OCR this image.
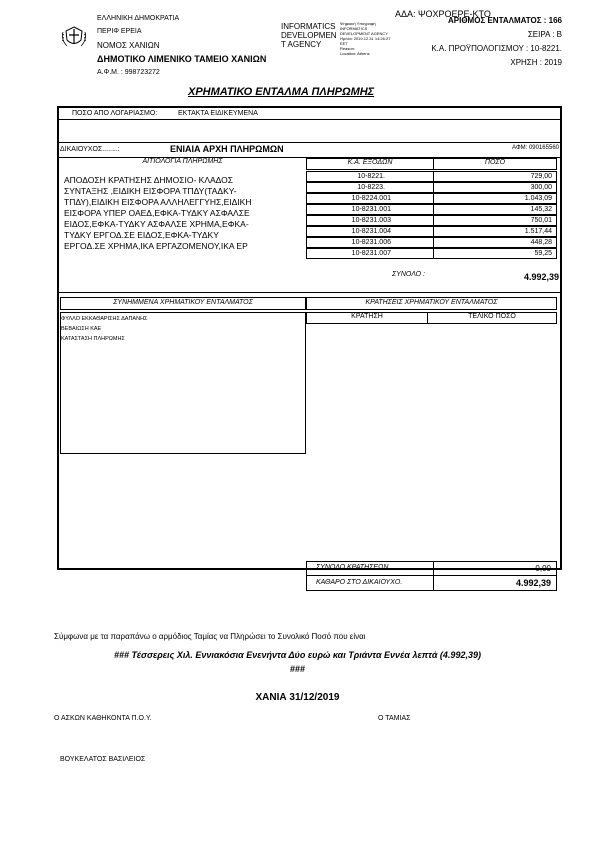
ΕΛΛΗΝΙΚΗ ΔΗΜΟΚΡΑΤΙΑ
ΠΕΡΙΦ ΕΡΕΙΑ
ΝΟΜΟΣ ΧΑΝΙΩΝ
ΔΗΜΟΤΙΚΟ ΛΙΜΕΝΙΚΟ ΤΑΜΕΙΟ ΧΑΝΙΩΝ
Α.Φ.Μ. : 998723272
INFORMATICS
DEVELOPMEN
T AGENCY
Ψηφιακή Υπογραφή
INFORMATICS
DEVELOPMENT AGENCY
Ημ/νία: 2019.12.31 14:26:27
EET
Reason:
Location: Athens
ΑΔΑ: ΨΟΧΡΟΕΡΕ-ΚΤΟ
ΑΡΙΘΜΟΣ ΕΝΤΑΛΜΑΤΟΣ : 166
ΣΕΙΡΑ : Β
Κ.Α. ΠΡΟΫΠΟΛΟΓΙΣΜΟΥ : 10-8221.
ΧΡΗΣΗ : 2019
ΧΡΗΜΑΤΙΚΟ ΕΝΤΑΛΜΑ ΠΛΗΡΩΜΗΣ
ΠΟΣΟ ΑΠΟ ΛΟΓΑΡΙΑΣΜΟ:	ΕΚΤΑΚΤΑ ΕΙΔΙΚΕΥΜΕΝΑ
ΔΙΚΑΙΟΥΧΟΣ........:	ΕΝΙΑΙΑ ΑΡΧΗ ΠΛΗΡΩΜΩΝ	ΑΦΜ: 090165560
ΑΙΤΙΟΛΟΓΙΑ ΠΛΗΡΩΜΗΣ	Κ.Α. ΕΞΟΔΩΝ	ΠΟΣΟ
ΑΠΟΔΟΣΗ ΚΡΑΤΗΣΗΣ ΔΗΜΟΣΙΟ- ΚΛΑΔΟΣ
ΣΥΝΤΑΞΗΣ ,ΕΙΔΙΚΗ ΕΙΣΦΟΡΑ ΤΠΔΥ(ΤΑΔΚΥ-
ΤΠΔΥ),ΕΙΔΙΚΗ ΕΙΣΦΟΡΑ ΑΛΛΗΛΕΓΓΥΗΣ,ΕΙΔΙΚΗ
ΕΙΣΦΟΡΑ ΥΠΕΡ ΟΑΕΔ,ΕΦΚΑ-ΤΥΔΚΥ ΑΣΦΑΛΣΕ
ΕΙΔΟΣ,ΕΦΚΑ-ΤΥΔΚΥ ΑΣΦΑΛΣΕ ΧΡΗΜΑ,ΕΦΚΑ-
ΤΥΔΚΥ ΕΡΓΟΔ.ΣΕ ΕΙΔΟΣ,ΕΦΚΑ-ΤΥΔΚΥ
ΕΡΓΟΔ.ΣΕ ΧΡΗΜΑ,ΙΚΑ ΕΡΓΑΖΟΜΕΝΟΥ,ΙΚΑ ΕΡ
10-8221.	729,00
10-8223.	300,00
10-8224.001	1.043,09
10-8231.001	145,32
10-8231.003	750,01
10-8231.004	1.517,44
10-8231.006	448,28
10-8231.007	59,25
ΣΥΝΟΛΟ :	4.992,39
ΣΥΝΗΜΜΕΝΑ ΧΡΗΜΑΤΙΚΟΥ ΕΝΤΑΛΜΑΤΟΣ	ΚΡΑΤΗΣΕΙΣ ΧΡΗΜΑΤΙΚΟΥ ΕΝΤΑΛΜΑΤΟΣ
ΦΥΛΛΟ ΕΚΚΑΘΑΡΙΣΗΣ ΔΑΠΑΝΗΣ
ΒΕΒΑΙΩΣΗ ΚΑΕ
ΚΑΤΑΣΤΑΣΗ ΠΛΗΡΩΜΗΣ
ΚΡΑΤΗΣΗ	ΤΕΛΙΚΟ ΠΟΣΟ
ΣΥΝΟΛΟ ΚΡΑΤΗΣΕΩΝ	0,00
ΚΑΘΑΡΟ ΣΤΟ ΔΙΚΑΙΟΥΧΟ.	4.992,39
Σύμφωνα με τα παραπάνω ο αρμόδιος Ταμίας να Πληρώσει το Συνολικό Ποσό που είναι
### Τέσσερεις Χιλ. Εννιακόσια Ενενήντα Δύο ευρώ και Τριάντα Εννέα λεπτά (4.992,39)
###
ΧΑΝΙΑ 31/12/2019
Ο ΑΣΚΩΝ ΚΑΘΗΚΟΝΤΑ Π.Ο.Υ.	Ο ΤΑΜΙΑΣ
ΒΟΥΚΕΛΑΤΟΣ ΒΑΣΙΛΕΙΟΣ
